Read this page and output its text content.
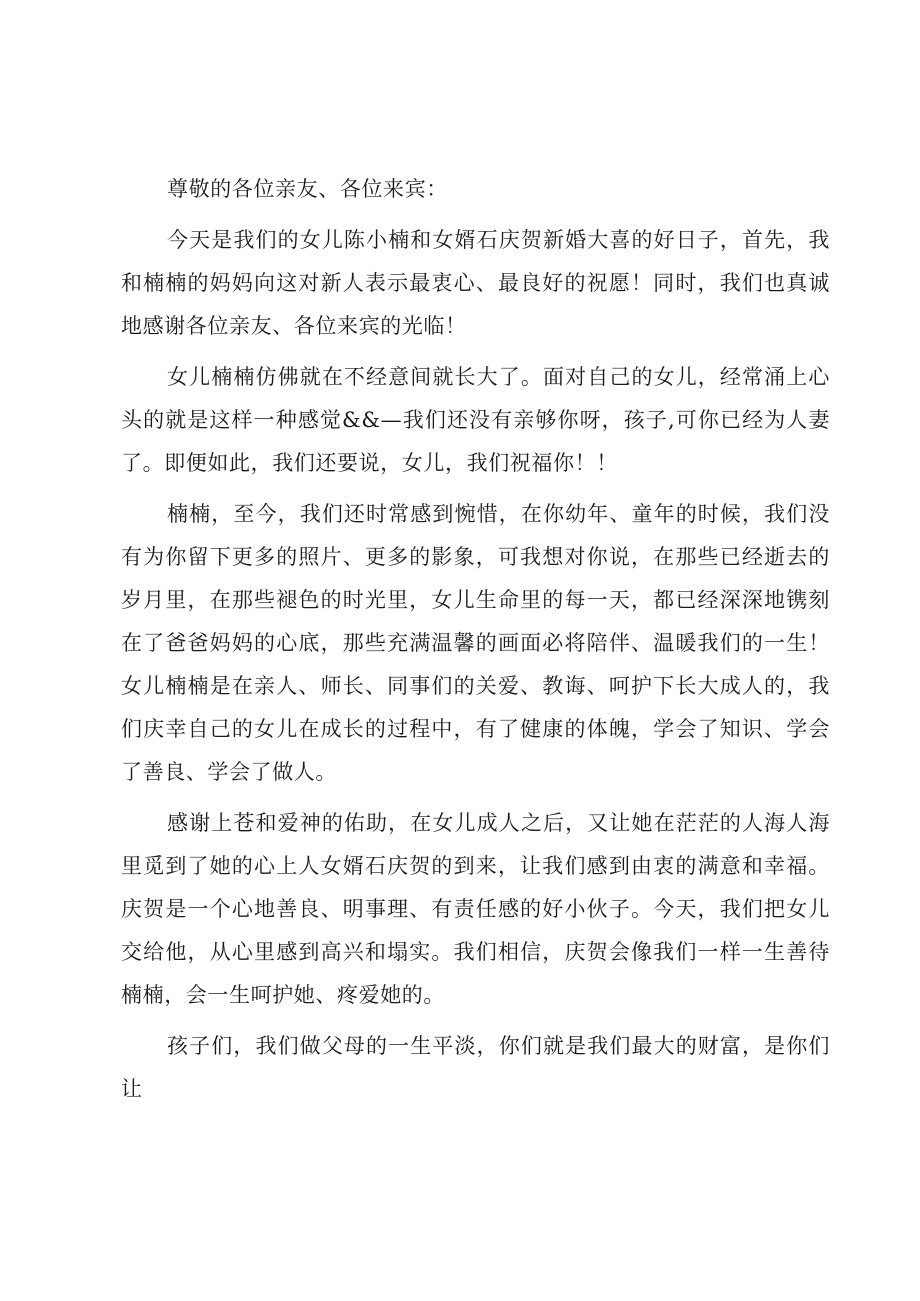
尊敬的各位亲友、各位来宾：

今天是我们的女儿陈小楠和女婿石庆贺新婚大喜的好日子，首先，我和楠楠的妈妈向这对新人表示最衷心、最良好的祝愿！同时，我们也真诚地感谢各位亲友、各位来宾的光临！

女儿楠楠仿佛就在不经意间就长大了。面对自己的女儿，经常涌上心头的就是这样一种感觉&&—我们还没有亲够你呀，孩子,可你已经为人妻了。即便如此，我们还要说，女儿，我们祝福你！！

楠楠，至今，我们还时常感到惋惜，在你幼年、童年的时候，我们没有为你留下更多的照片、更多的影象，可我想对你说，在那些已经逝去的岁月里，在那些褪色的时光里，女儿生命里的每一天，都已经深深地镌刻在了爸爸妈妈的心底，那些充满温馨的画面必将陪伴、温暖我们的一生！女儿楠楠是在亲人、师长、同事们的关爱、教诲、呵护下长大成人的，我们庆幸自己的女儿在成长的过程中，有了健康的体魄，学会了知识、学会了善良、学会了做人。

感谢上苍和爱神的佑助，在女儿成人之后，又让她在茫茫的人海人海里觅到了她的心上人女婿石庆贺的到来，让我们感到由衷的满意和幸福。庆贺是一个心地善良、明事理、有责任感的好小伙子。今天，我们把女儿交给他，从心里感到高兴和塌实。我们相信，庆贺会像我们一样一生善待楠楠，会一生呵护她、疼爱她的。

孩子们，我们做父母的一生平淡，你们就是我们最大的财富，是你们让
